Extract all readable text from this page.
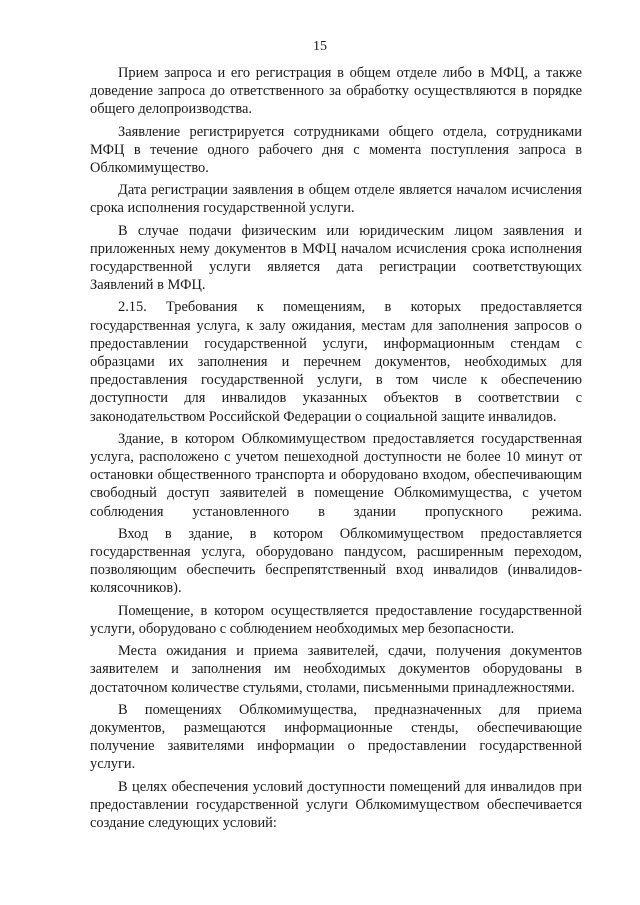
15

Прием запроса и его регистрация в общем отделе либо в МФЦ, а также доведение запроса до ответственного за обработку осуществляются в порядке общего делопроизводства.

Заявление регистрируется сотрудниками общего отдела, сотрудниками МФЦ в течение одного рабочего дня с момента поступления запроса в Облкомимущество.

Дата регистрации заявления в общем отделе является началом исчисления срока исполнения государственной услуги.

В случае подачи физическим или юридическим лицом заявления и приложенных нему документов в МФЦ началом исчисления срока исполнения государственной услуги является дата регистрации соответствующих Заявлений в МФЦ.

2.15. Требования к помещениям, в которых предоставляется государственная услуга, к залу ожидания, местам для заполнения запросов о предоставлении государственной услуги, информационным стендам с образцами их заполнения и перечнем документов, необходимых для предоставления государственной услуги, в том числе к обеспечению доступности для инвалидов указанных объектов в соответствии с законодательством Российской Федерации о социальной защите инвалидов.

Здание, в котором Облкомимуществом предоставляется государственная услуга, расположено с учетом пешеходной доступности не более 10 минут от остановки общественного транспорта и оборудовано входом, обеспечивающим свободный доступ заявителей в помещение Облкомимущества, с учетом соблюдения установленного в здании пропускного режима.

Вход в здание, в котором Облкомимуществом предоставляется государственная услуга, оборудовано пандусом, расширенным переходом, позволяющим обеспечить беспрепятственный вход инвалидов (инвалидов-колясочников).

Помещение, в котором осуществляется предоставление государственной услуги, оборудовано с соблюдением необходимых мер безопасности.

Места ожидания и приема заявителей, сдачи, получения документов заявителем и заполнения им необходимых документов оборудованы в достаточном количестве стульями, столами, письменными принадлежностями.

В помещениях Облкомимущества, предназначенных для приема документов, размещаются информационные стенды, обеспечивающие получение заявителями информации о предоставлении государственной услуги.

В целях обеспечения условий доступности помещений для инвалидов при предоставлении государственной услуги Облкомимуществом обеспечивается создание следующих условий:
